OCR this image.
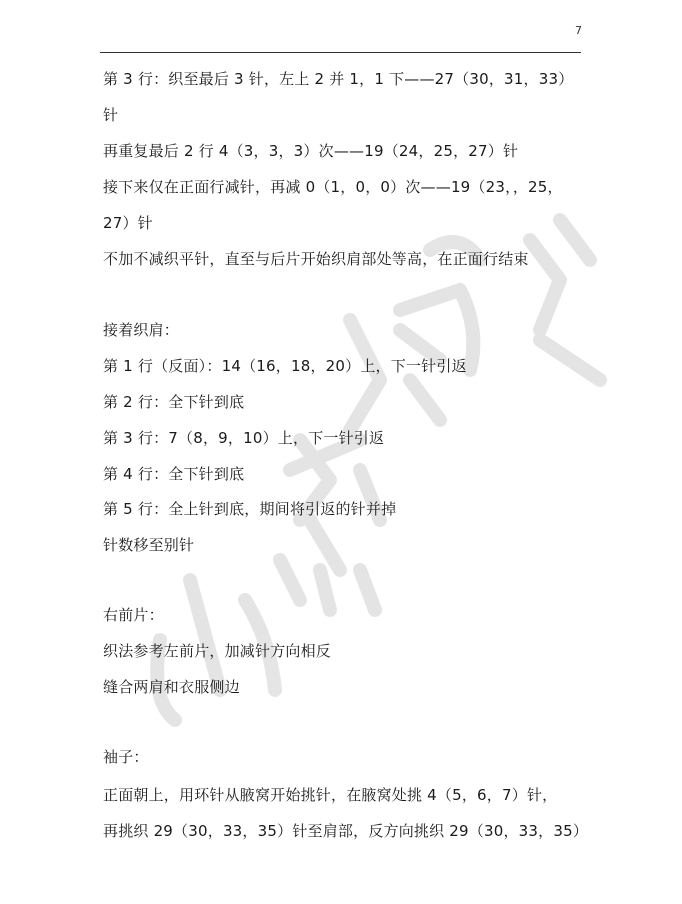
7
第 3 行：织至最后 3 针，左上 2 并 1，1 下——27（30，31，33）
针
再重复最后 2 行 4（3，3，3）次——19（24，25，27）针
接下来仅在正面行减针，再减 0（1，0，0）次——19（23，，25，
27）针
不加不减织平针，直至与后片开始织肩部处等高，在正面行结束
接着织肩：
第 1 行（反面）：14（16，18，20）上，下一针引返
第 2 行：全下针到底
第 3 行：7（8，9，10）上，下一针引返
第 4 行：全下针到底
第 5 行：全上针到底，期间将引返的针并掉
针数移至别针
右前片：
织法参考左前片，加减针方向相反
缝合两肩和衣服侧边
袖子：
正面朝上，用环针从腋窝开始挑针，在腋窝处挑 4（5，6，7）针，
再挑织 29（30，33，35）针至肩部，反方向挑织 29（30，33，35）
